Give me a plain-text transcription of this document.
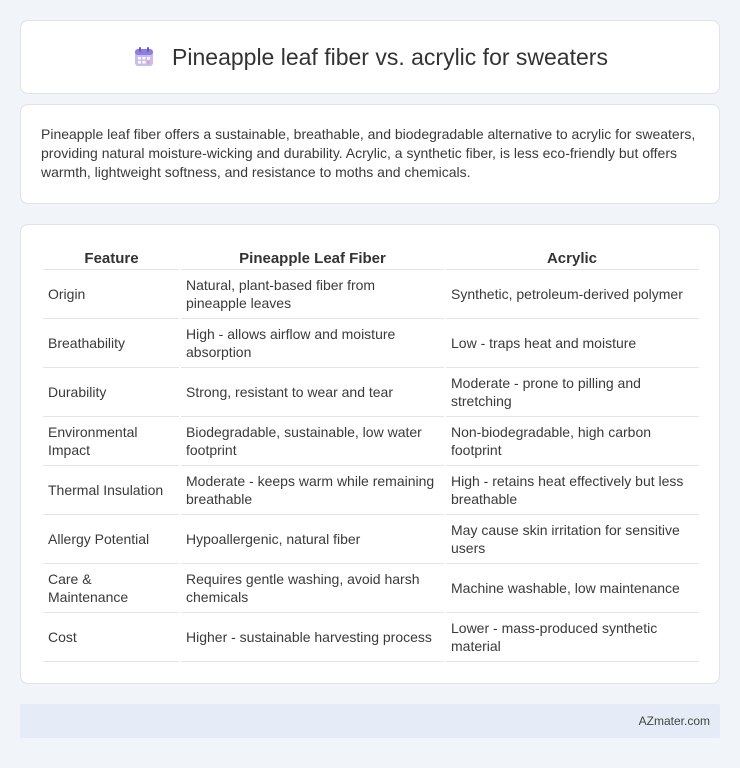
Pineapple leaf fiber vs. acrylic for sweaters

Pineapple leaf fiber offers a sustainable, breathable, and biodegradable alternative to acrylic for sweaters, providing natural moisture-wicking and durability. Acrylic, a synthetic fiber, is less eco-friendly but offers warmth, lightweight softness, and resistance to moths and chemicals.

Feature	Pineapple Leaf Fiber	Acrylic
Origin	Natural, plant-based fiber from pineapple leaves	Synthetic, petroleum-derived polymer
Breathability	High - allows airflow and moisture absorption	Low - traps heat and moisture
Durability	Strong, resistant to wear and tear	Moderate - prone to pilling and stretching
Environmental Impact	Biodegradable, sustainable, low water footprint	Non-biodegradable, high carbon footprint
Thermal Insulation	Moderate - keeps warm while remaining breathable	High - retains heat effectively but less breathable
Allergy Potential	Hypoallergenic, natural fiber	May cause skin irritation for sensitive users
Care & Maintenance	Requires gentle washing, avoid harsh chemicals	Machine washable, low maintenance
Cost	Higher - sustainable harvesting process	Lower - mass-produced synthetic material
AZmater.com
